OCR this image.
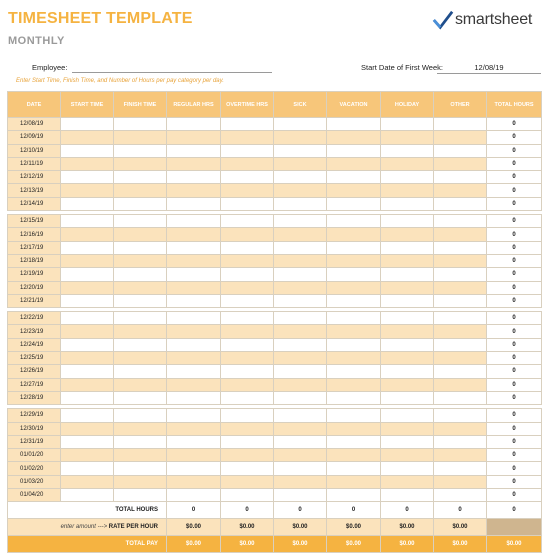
TIMESHEET TEMPLATE
MONTHLY
smartsheet
Employee:	Start Date of First Week:	12/08/19
Enter Start Time, Finish Time, and Number of Hours per pay category per day.
DATE	START TIME	FINISH TIME	REGULAR HRS	OVERTIME HRS	SICK	VACATION	HOLIDAY	OTHER	TOTAL HOURS
12/08/19									0
12/09/19									0
12/10/19									0
12/11/19									0
12/12/19									0
12/13/19									0
12/14/19									0

12/15/19									0
12/16/19									0
12/17/19									0
12/18/19									0
12/19/19									0
12/20/19									0
12/21/19									0

12/22/19									0
12/23/19									0
12/24/19									0
12/25/19									0
12/26/19									0
12/27/19									0
12/28/19									0

12/29/19									0
12/30/19									0
12/31/19									0
01/01/20									0
01/02/20									0
01/03/20									0
01/04/20									0
TOTAL HOURS			0	0	0	0	0	0	0
enter amount ---> RATE PER HOUR			$0.00	$0.00	$0.00	$0.00	$0.00	$0.00	
TOTAL PAY			$0.00	$0.00	$0.00	$0.00	$0.00	$0.00	$0.00
